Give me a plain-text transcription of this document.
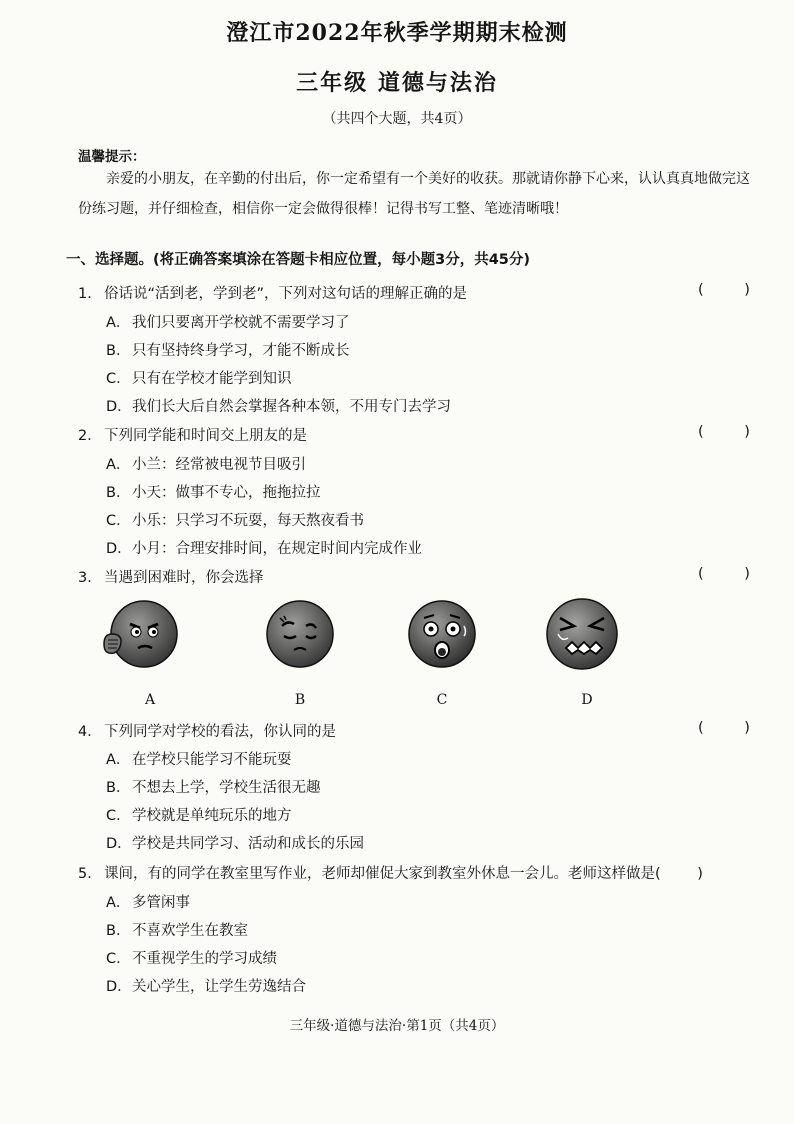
澄江市2022年秋季学期期末检测
三年级 道德与法治
（共四个大题，共4页）
温馨提示：
亲爱的小朋友，在辛勤的付出后，你一定希望有一个美好的收获。那就请你静下心来，认认真真地做完这份练习题，并仔细检查，相信你一定会做得很棒！记得书写工整、笔迹清晰哦！
一、选择题。(将正确答案填涂在答题卡相应位置，每小题3分，共45分)
1． 俗话说“活到老，学到老”，下列对这句话的理解正确的是	( )
A． 我们只要离开学校就不需要学习了
B． 只有坚持终身学习，才能不断成长
C．只有在学校才能学到知识
D．我们长大后自然会掌握各种本领，不用专门去学习
2． 下列同学能和时间交上朋友的是	( )
A． 小兰：经常被电视节目吸引
B． 小天：做事不专心，拖拖拉拉
C．小乐：只学习不玩耍，每天熬夜看书
D．小月：合理安排时间，在规定时间内完成作业
3． 当遇到困难时，你会选择	( )
A	B	C	D
4． 下列同学对学校的看法，你认同的是	( )
A． 在学校只能学习不能玩耍
B． 不想去上学，学校生活很无趣
C．学校就是单纯玩乐的地方
D．学校是共同学习、活动和成长的乐园
5． 课间，有的同学在教室里写作业，老师却催促大家到教室外休息一会儿。老师这样做是( )
A． 多管闲事
B． 不喜欢学生在教室
C．不重视学生的学习成绩
D．关心学生，让学生劳逸结合
三年级·道德与法治·第1页（共4页）
